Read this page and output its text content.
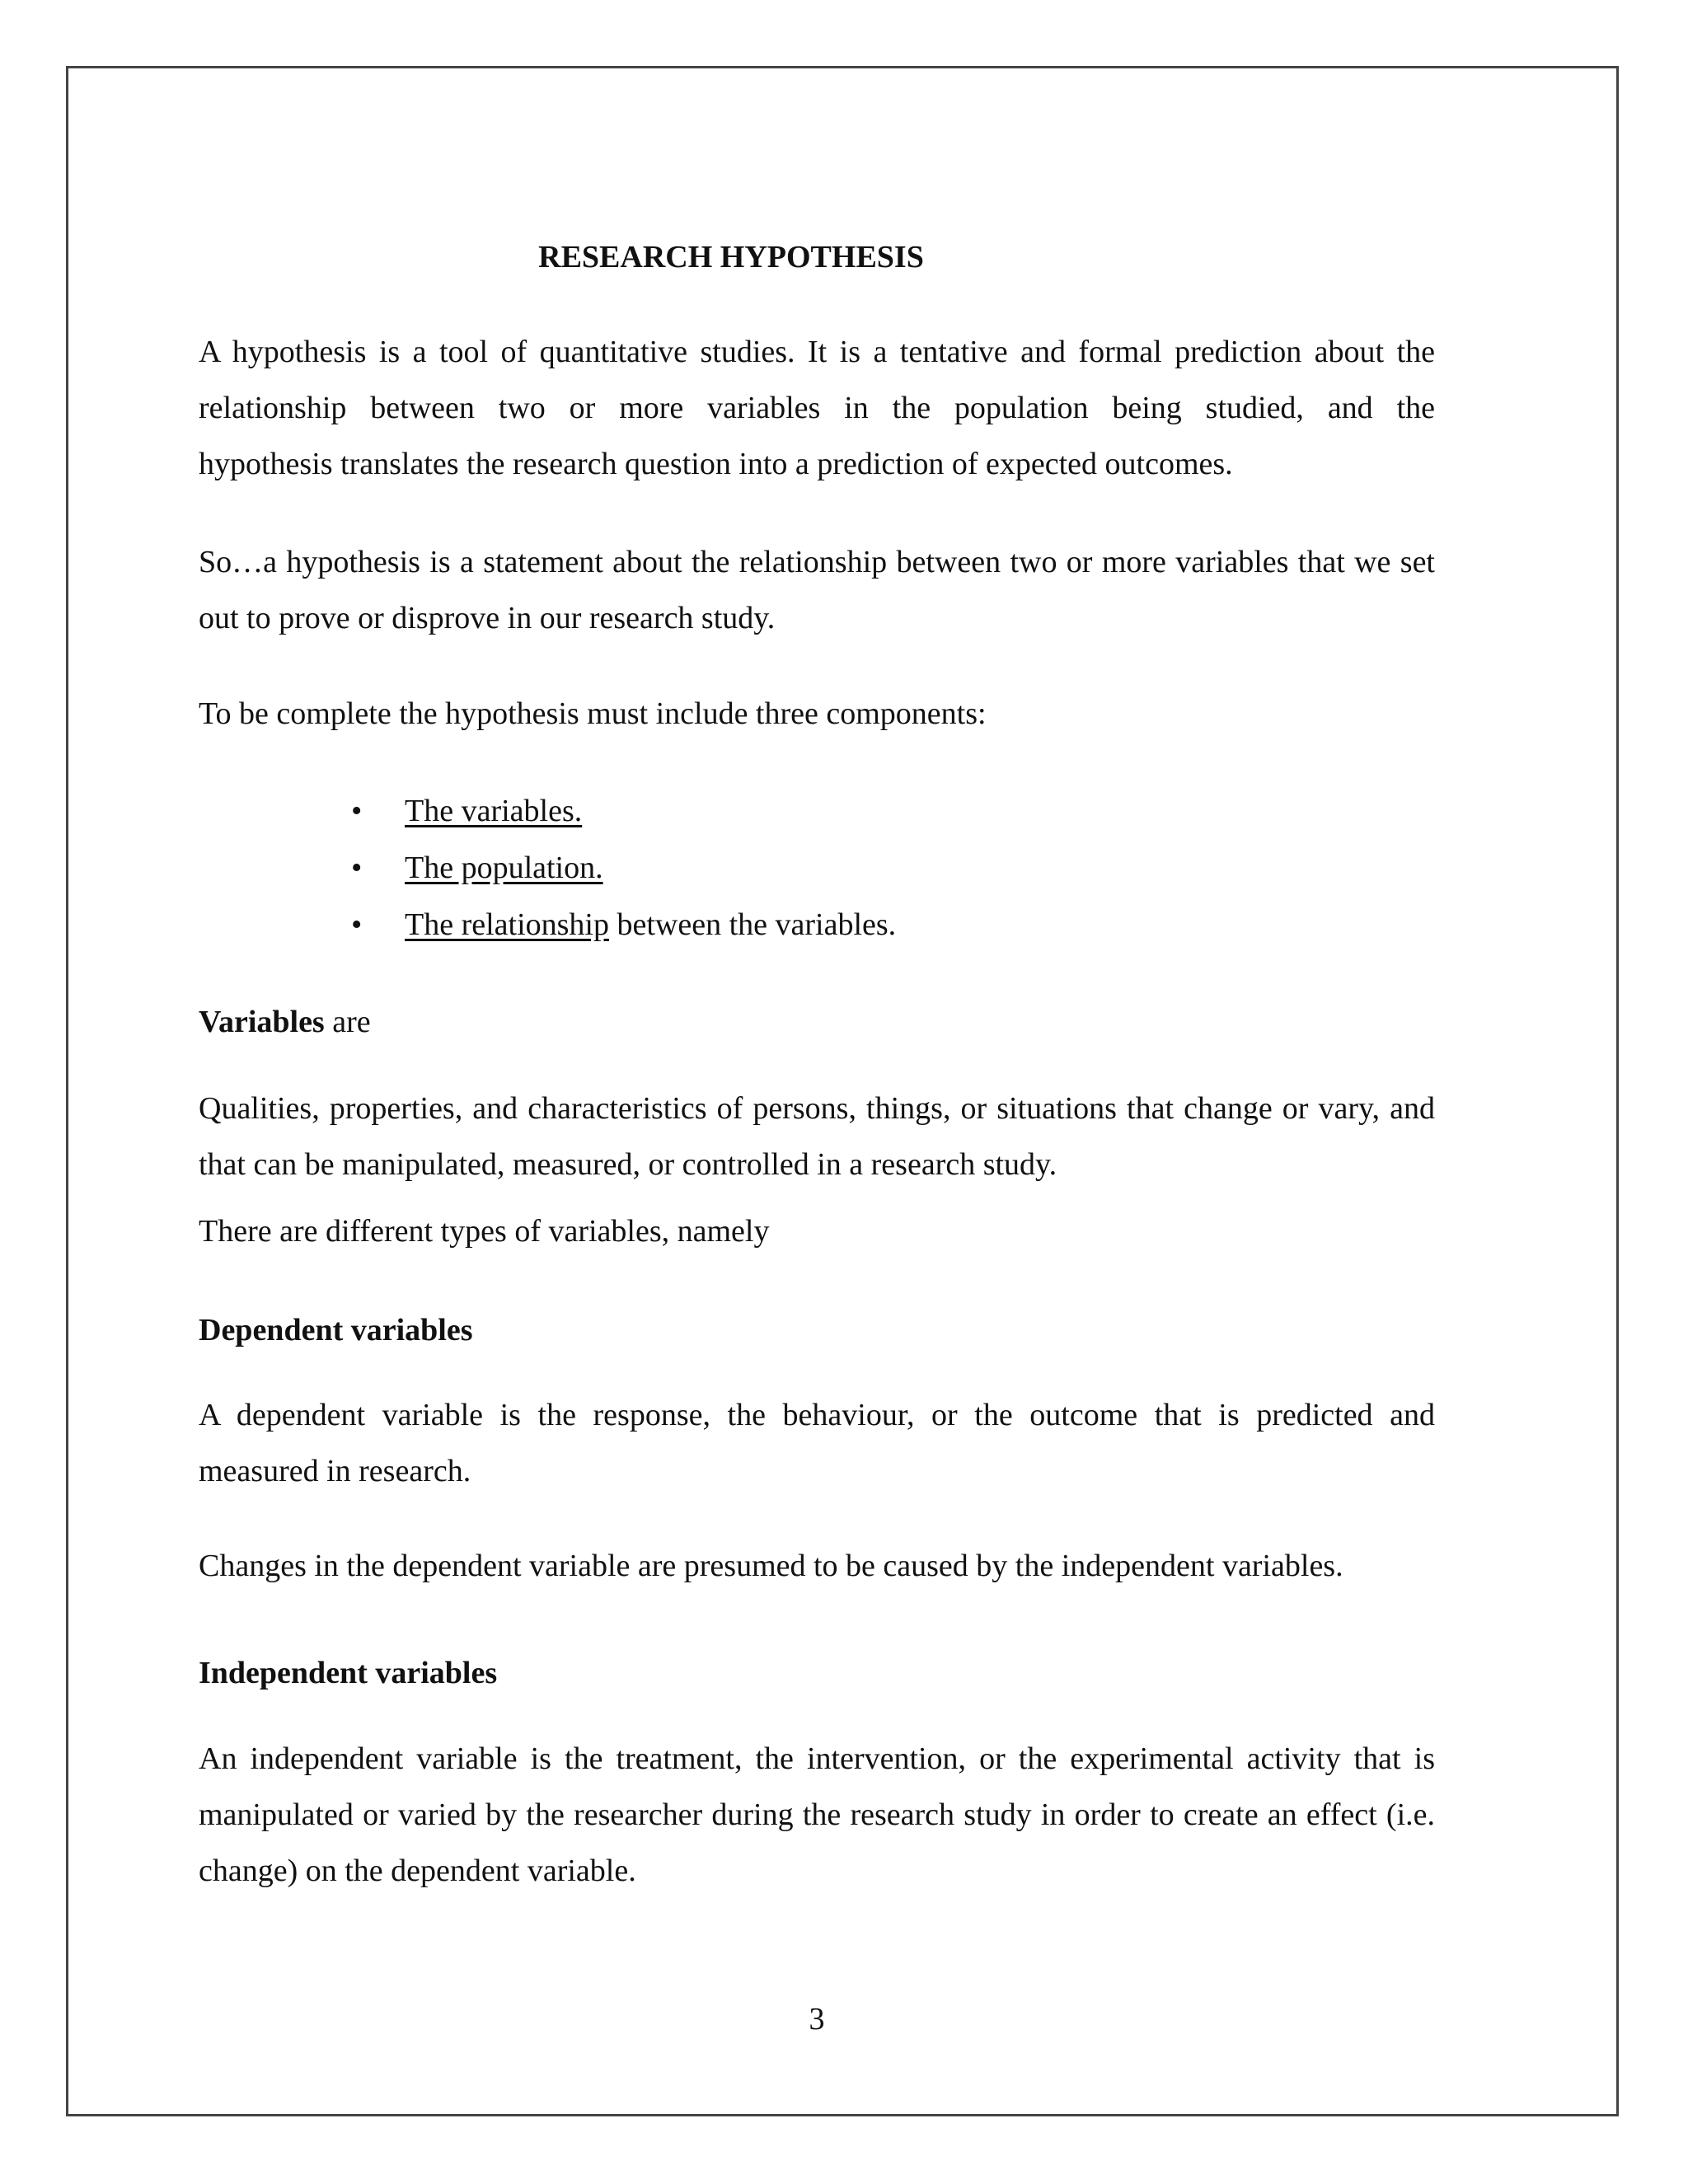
RESEARCH HYPOTHESIS
A hypothesis is a tool of quantitative studies. It is a tentative and formal prediction about the
relationship between two or more variables in the population being studied, and the
hypothesis translates the research question into a prediction of expected outcomes.

So…a hypothesis is a statement about the relationship between two or more variables that we set out to prove or disprove in our research study.

To be complete the hypothesis must include three components:

• The variables.
• The population.
• The relationship between the variables.

Variables are

Qualities, properties, and characteristics of persons, things, or situations that change or vary, and that can be manipulated, measured, or controlled in a research study.

There are different types of variables, namely

Dependent variables

A dependent variable is the response, the behaviour, or the outcome that is predicted and measured in research.

Changes in the dependent variable are presumed to be caused by the independent variables.

Independent variables

An independent variable is the treatment, the intervention, or the experimental activity that is manipulated or varied by the researcher during the research study in order to create an effect (i.e. change) on the dependent variable.

3
